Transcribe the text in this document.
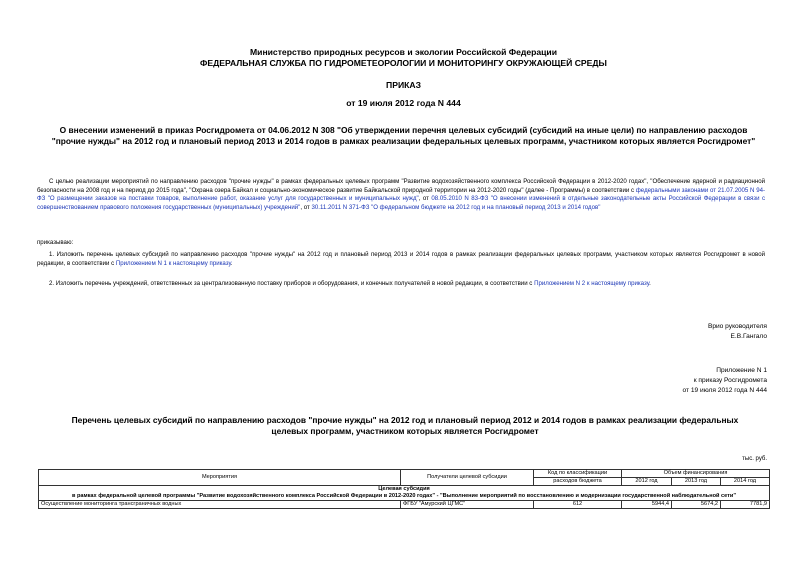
Министерство природных ресурсов и экологии Российской Федерации
ФЕДЕРАЛЬНАЯ СЛУЖБА ПО ГИДРОМЕТЕОРОЛОГИИ И МОНИТОРИНГУ ОКРУЖАЮЩЕЙ СРЕДЫ
ПРИКАЗ
от 19 июля 2012 года N 444
О внесении изменений в приказ Росгидромета от 04.06.2012 N 308 "Об утверждении перечня целевых субсидий (субсидий на иные цели) по направлению расходов "прочие нужды" на 2012 год и плановый период 2013 и 2014 годов в рамках реализации федеральных целевых программ, участником которых является Росгидромет"
С целью реализации мероприятий по направлению расходов "прочие нужды" в рамках федеральных целевых программ "Развитие водохозяйственного комплекса Российской Федерации в 2012-2020 годах", "Обеспечение ядерной и радиационной безопасности на 2008 год и на период до 2015 года", "Охрана озера Байкал и социально-экономическое развитие Байкальской природной территории на 2012-2020 годы" (далее - Программы) в соответствии с федеральными законами от 21.07.2005 N 94-ФЗ "О размещении заказов на поставки товаров, выполнение работ, оказание услуг для государственных и муниципальных нужд", от 08.05.2010 N 83-ФЗ "О внесении изменений в отдельные законодательные акты Российской Федерации в связи с совершенствованием правового положения государственных (муниципальных) учреждений", от 30.11.2011 N 371-ФЗ "О федеральном бюджете на 2012 год и на плановый период 2013 и 2014 годов"
приказываю:
1. Изложить перечень целевых субсидий по направлению расходов "прочие нужды" на 2012 год и плановый период 2013 и 2014 годов в рамках реализации федеральных целевых программ, участником которых является Росгидромет в новой редакции, в соответствии с Приложением N 1 к настоящему приказу.
2. Изложить перечень учреждений, ответственных за централизованную поставку приборов и оборудования, и конечных получателей в новой редакции, в соответствии с Приложением N 2 к настоящему приказу.
Врио руководителя
Е.В.Гангало
Приложение N 1
к приказу Росгидромета
от 19 июля 2012 года N 444
Перечень целевых субсидий по направлению расходов "прочие нужды" на 2012 год и плановый период 2012 и 2014 годов в рамках реализации федеральных целевых программ, участником которых является Росгидромет
тыс. руб.
Мероприятия	Получатели целевой субсидии	Код по классификации	Объем финансирования		
		расходов бюджета	2012 год	2013 год	2014 год

Целевая субсидия
в рамках федеральной целевой программы "Развитие водохозяйственного комплекса Российской Федерации в 2012-2020 годах" - "Выполнение мероприятий по восстановлению и модернизации государственной наблюдательной сети"					

Осуществление мониторинга трансграничных водных	ФГБУ "Амурский ЦГМС"	612	5944,4	5674,2	7781,9
